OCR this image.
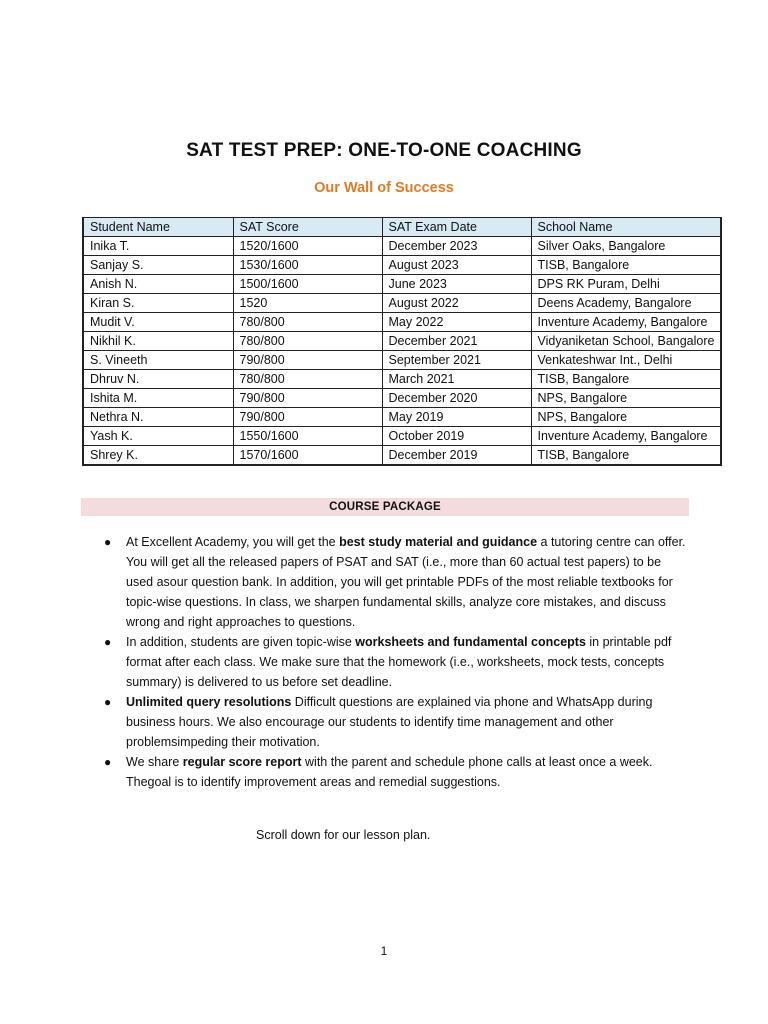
SAT TEST PREP: ONE-TO-ONE COACHING
Our Wall of Success
Student Name	SAT Score	SAT Exam Date	School Name
Inika T.	1520/1600	December 2023	Silver Oaks, Bangalore
Sanjay S.	1530/1600	August 2023	TISB, Bangalore
Anish N.	1500/1600	June 2023	DPS RK Puram, Delhi
Kiran S.	1520	August 2022	Deens Academy, Bangalore
Mudit V.	780/800	May 2022	Inventure Academy, Bangalore
Nikhil K.	780/800	December 2021	Vidyaniketan School, Bangalore
S. Vineeth	790/800	September 2021	Venkateshwar Int., Delhi
Dhruv N.	780/800	March 2021	TISB, Bangalore
Ishita M.	790/800	December 2020	NPS, Bangalore
Nethra N.	790/800	May 2019	NPS, Bangalore
Yash K.	1550/1600	October 2019	Inventure Academy, Bangalore
Shrey K.	1570/1600	December 2019	TISB, Bangalore
COURSE PACKAGE
● At Excellent Academy, you will get the best study material and guidance a tutoring centre can offer. You will get all the released papers of PSAT and SAT (i.e., more than 60 actual test papers) to be used asour question bank. In addition, you will get printable PDFs of the most reliable textbooks for topic-wise questions. In class, we sharpen fundamental skills, analyze core mistakes, and discuss wrong and right approaches to questions.
● In addition, students are given topic-wise worksheets and fundamental concepts in printable pdf format after each class. We make sure that the homework (i.e., worksheets, mock tests, concepts summary) is delivered to us before set deadline.
● Unlimited query resolutions Difficult questions are explained via phone and WhatsApp during business hours. We also encourage our students to identify time management and other problemsimpeding their motivation.
● We share regular score report with the parent and schedule phone calls at least once a week. Thegoal is to identify improvement areas and remedial suggestions.
Scroll down for our lesson plan.
1
